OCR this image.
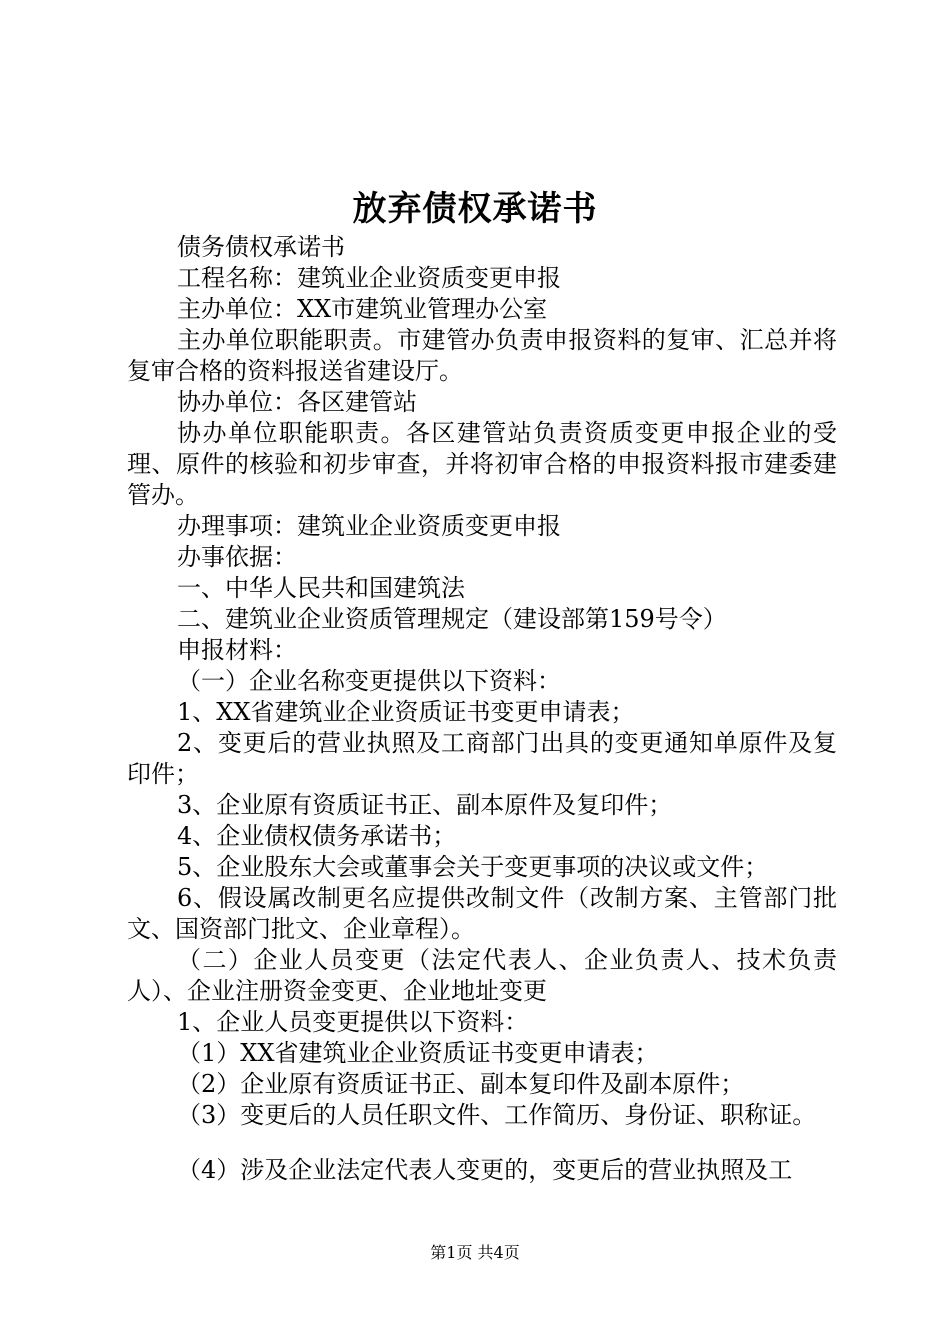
放弃债权承诺书

债务债权承诺书

工程名称：建筑业企业资质变更申报

主办单位：XX市建筑业管理办公室

主办单位职能职责。市建管办负责申报资料的复审、汇总并将复审合格的资料报送省建设厅。

协办单位：各区建管站

协办单位职能职责。各区建管站负责资质变更申报企业的受理、原件的核验和初步审查，并将初审合格的申报资料报市建委建管办。

办理事项：建筑业企业资质变更申报

办事依据：

一、中华人民共和国建筑法

二、建筑业企业资质管理规定（建设部第159号令）

申报材料：

（一）企业名称变更提供以下资料：

1、XX省建筑业企业资质证书变更申请表；

2、变更后的营业执照及工商部门出具的变更通知单原件及复印件；

3、企业原有资质证书正、副本原件及复印件；

4、企业债权债务承诺书；

5、企业股东大会或董事会关于变更事项的决议或文件；

6、假设属改制更名应提供改制文件（改制方案、主管部门批文、国资部门批文、企业章程）。

（二）企业人员变更（法定代表人、企业负责人、技术负责人）、企业注册资金变更、企业地址变更

1、企业人员变更提供以下资料：

（1）XX省建筑业企业资质证书变更申请表；

（2）企业原有资质证书正、副本复印件及副本原件；

（3）变更后的人员任职文件、工作简历、身份证、职称证。

（4）涉及企业法定代表人变更的，变更后的营业执照及工

第1页 共4页
